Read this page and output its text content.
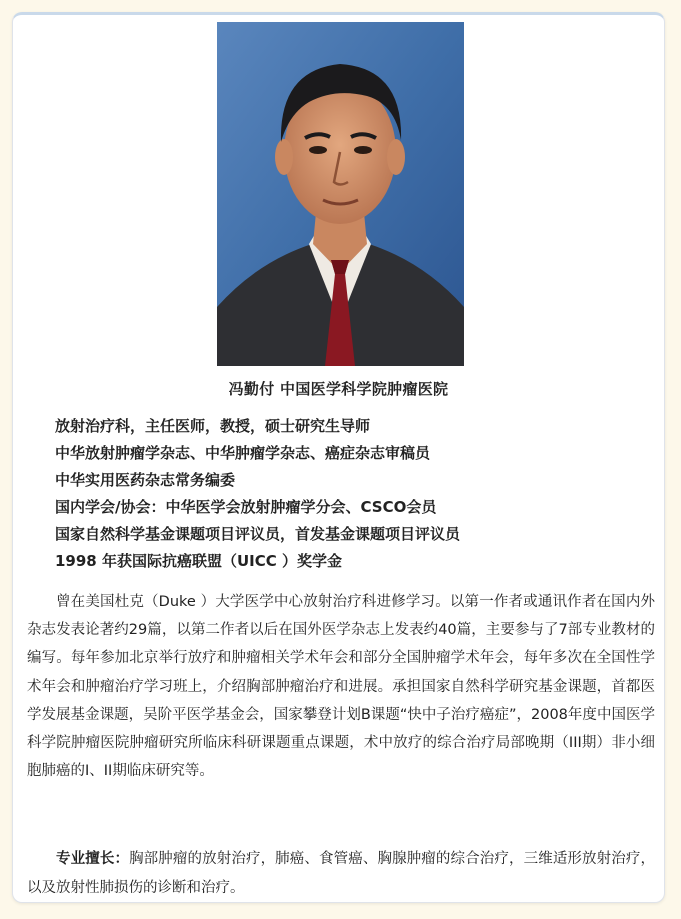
冯勤付 中国医学科学院肿瘤医院
放射治疗科，主任医师，教授，硕士研究生导师
中华放射肿瘤学杂志、中华肿瘤学杂志、癌症杂志审稿员
中华实用医药杂志常务编委
国内学会/协会：中华医学会放射肿瘤学分会、CSCO会员
国家自然科学基金课题项目评议员，首发基金课题项目评议员
1998 年获国际抗癌联盟（UICC ）奖学金
曾在美国杜克（Duke ）大学医学中心放射治疗科进修学习。以第一作者或通讯作者在国内外杂志发表论著约29篇，以第二作者以后在国外医学杂志上发表约40篇，主要参与了7部专业教材的编写。每年参加北京举行放疗和肿瘤相关学术年会和部分全国肿瘤学术年会，每年多次在全国性学术年会和肿瘤治疗学习班上，介绍胸部肿瘤治疗和进展。承担国家自然科学研究基金课题，首都医学发展基金课题，吴阶平医学基金会，国家攀登计划B课题“快中子治疗癌症”，2008年度中国医学科学院肿瘤医院肿瘤研究所临床科研课题重点课题，术中放疗的综合治疗局部晚期（III期）非小细胞肺癌的I、II期临床研究等。
专业擅长：胸部肿瘤的放射治疗，肺癌、食管癌、胸腺肿瘤的综合治疗，三维适形放射治疗，以及放射性肺损伤的诊断和治疗。
